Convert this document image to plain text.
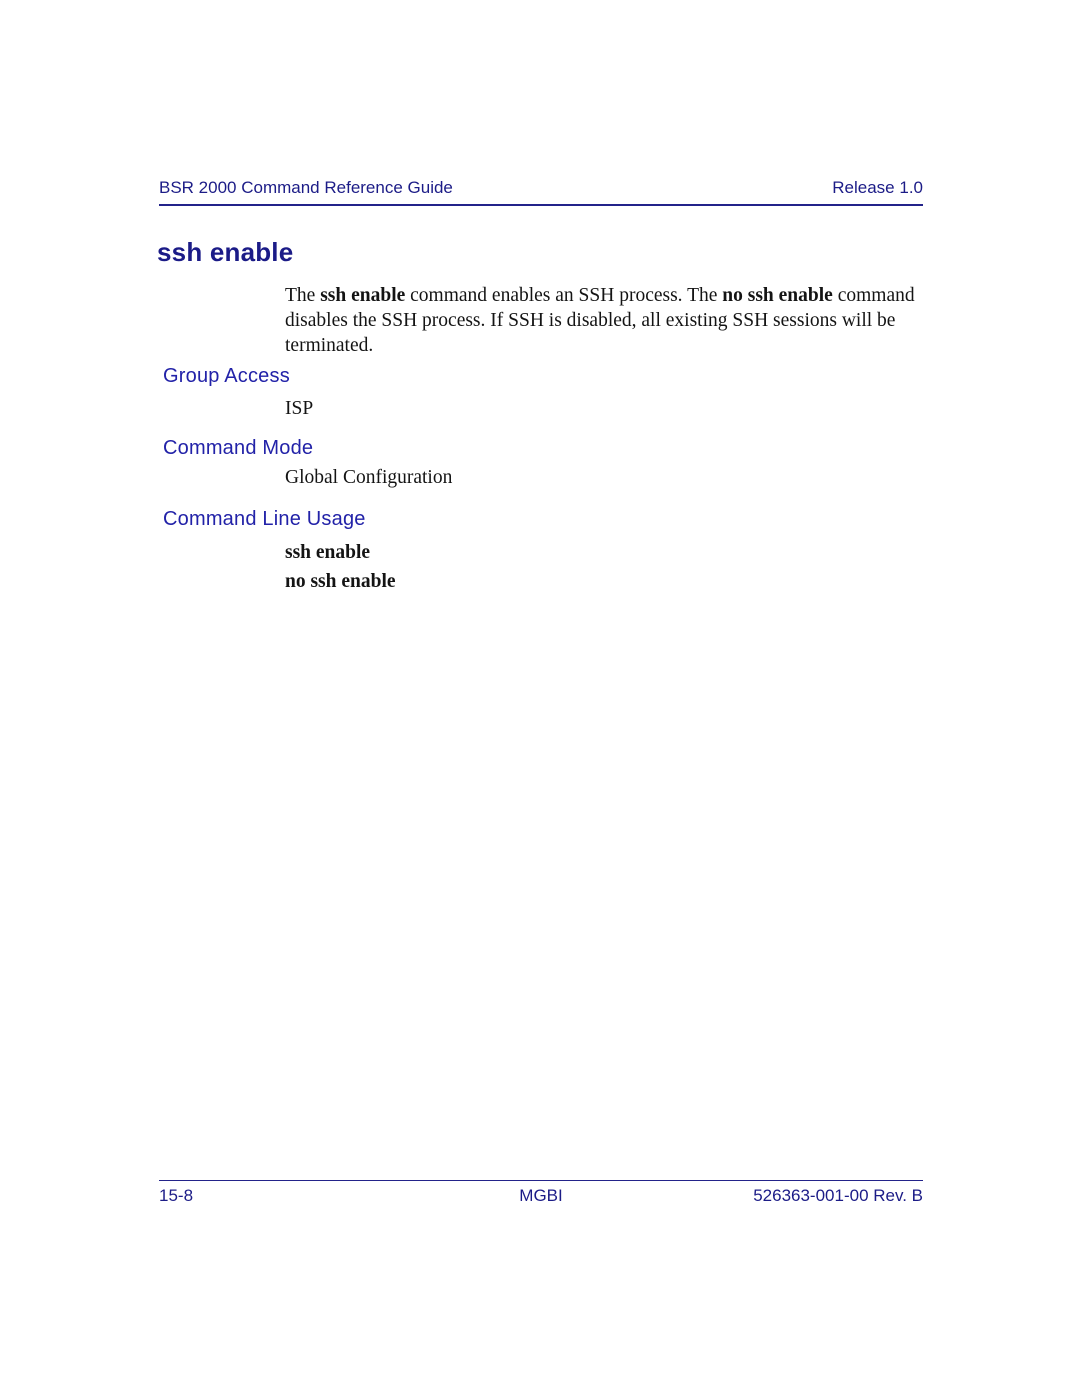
BSR 2000 Command Reference Guide	Release 1.0
ssh enable
The ssh enable command enables an SSH process. The no ssh enable command
disables the SSH process. If SSH is disabled, all existing SSH sessions will be
terminated.
Group Access
ISP
Command Mode
Global Configuration
Command Line Usage
ssh enable
no ssh enable
15-8	MGBI	526363-001-00 Rev. B
